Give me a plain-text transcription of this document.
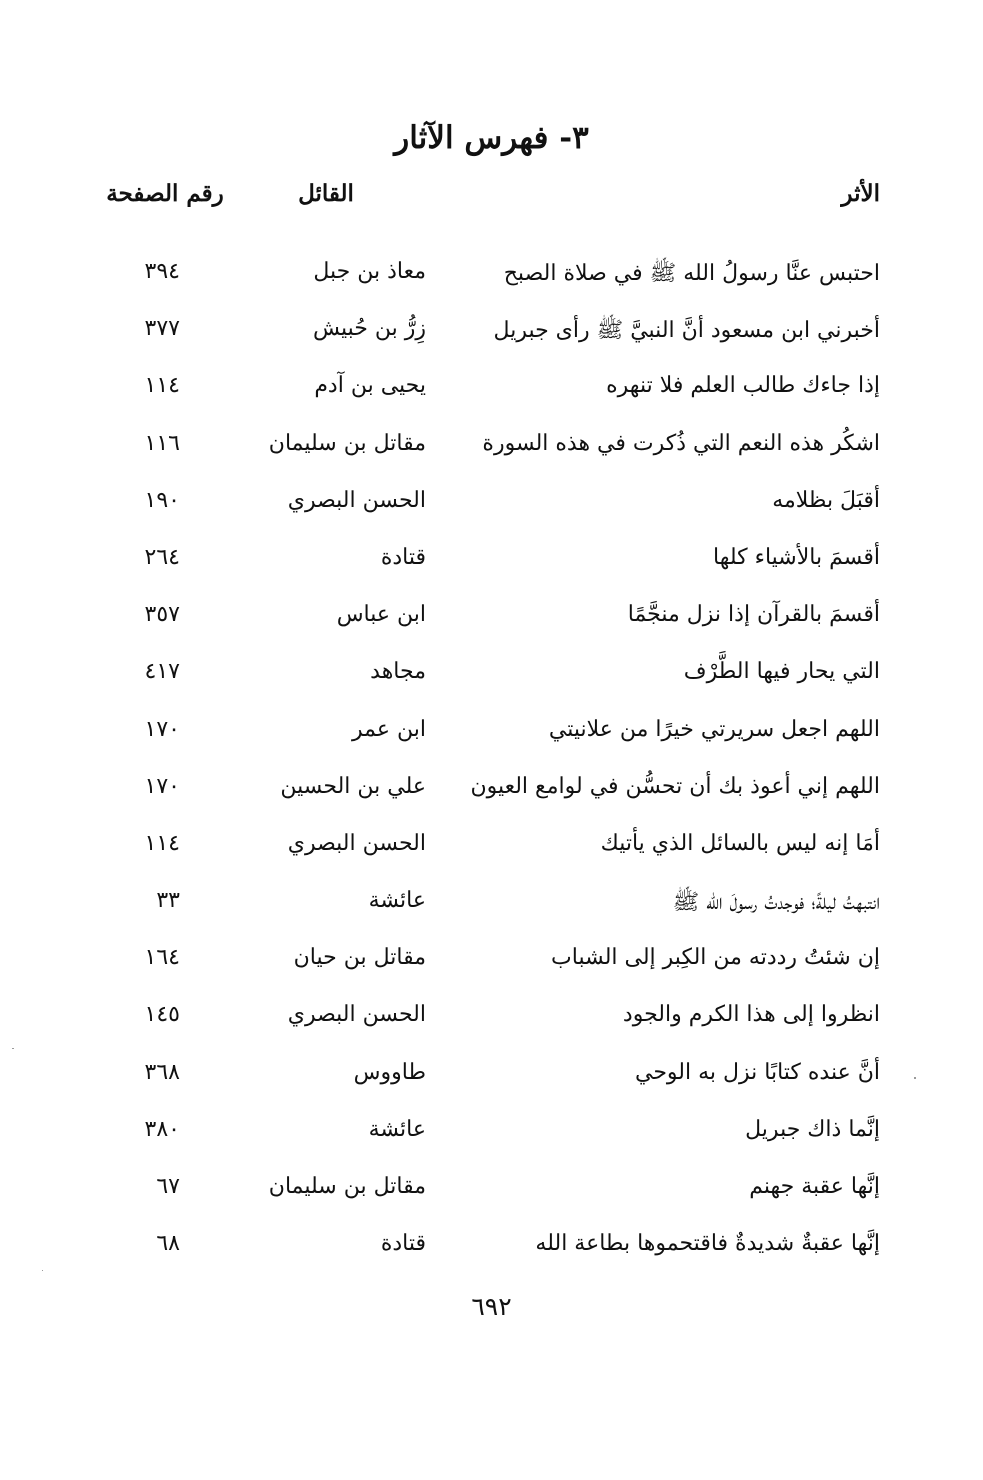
٣- فهرس الآثار
الأثر
القائل
رقم الصفحة
احتبس عنَّا رسولُ الله ﷺ في صلاة الصبح
معاذ بن جبل
٣٩٤
أخبرني ابن مسعود أنَّ النبيَّ ﷺ رأى جبريل
زِرُّ بن حُبيش
٣٧٧
إذا جاءك طالب العلم فلا تنهره
يحيى بن آدم
١١٤
اشكُر هذه النعم التي ذُكرت في هذه السورة
مقاتل بن سليمان
١١٦
أقبَلَ بظلامه
الحسن البصري
١٩٠
أقسمَ بالأشياء كلها
قتادة
٢٦٤
أقسمَ بالقرآن إذا نزل منجَّمًا
ابن عباس
٣٥٧
التي يحار فيها الطَّرْف
مجاهد
٤١٧
اللهم اجعل سريرتي خيرًا من علانيتي
ابن عمر
١٧٠
اللهم إني أعوذ بك أن تحسُّن في لوامع العيون
علي بن الحسين
١٧٠
أمَا إنه ليس بالسائل الذي يأتيك
الحسن البصري
١١٤
انتبهتُ ليلةً؛ فوجدتُ رسولَ الله ﷺ
عائشة
٣٣
إن شئتُ رددته من الكِبر إلى الشباب
مقاتل بن حيان
١٦٤
انظروا إلى هذا الكرم والجود
الحسن البصري
١٤٥
أنَّ عنده كتابًا نزل به الوحي
طاووس
٣٦٨
إنَّما ذاك جبريل
عائشة
٣٨٠
إنَّها عقبة جهنم
مقاتل بن سليمان
٦٧
إنَّها عقبةٌ شديدةٌ فاقتحموها بطاعة الله
قتادة
٦٨
٦٩٢
